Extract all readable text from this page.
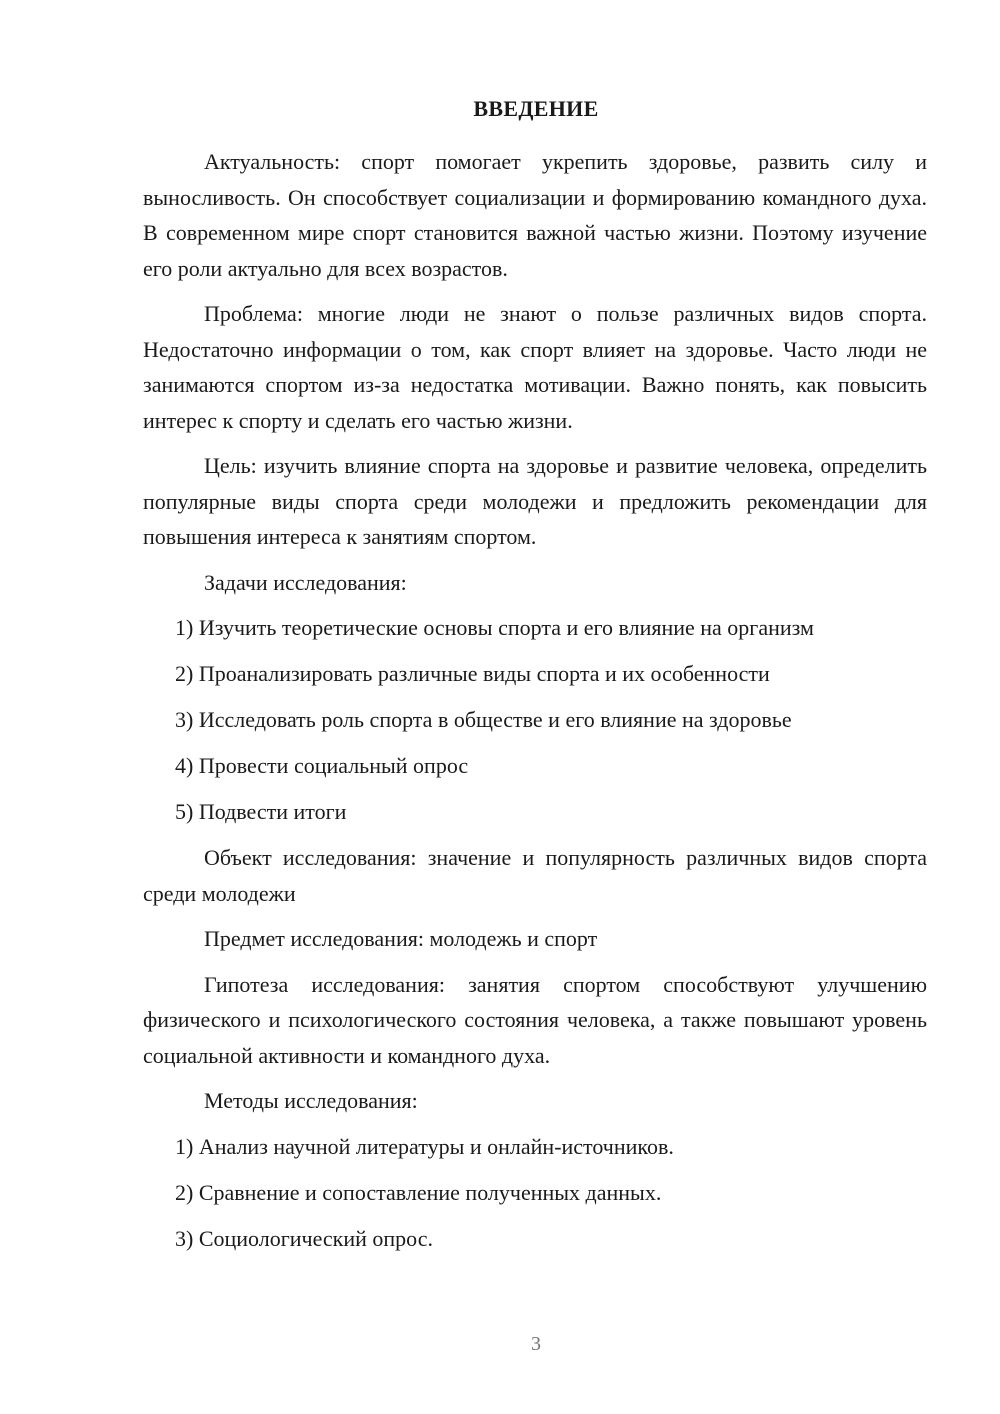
ВВЕДЕНИЕ

Актуальность: спорт помогает укрепить здоровье, развить силу и выносливость. Он способствует социализации и формированию командного духа. В современном мире спорт становится важной частью жизни. Поэтому изучение его роли актуально для всех возрастов.

Проблема: многие люди не знают о пользе различных видов спорта. Недостаточно информации о том, как спорт влияет на здоровье. Часто люди не занимаются спортом из-за недостатка мотивации. Важно понять, как повысить интерес к спорту и сделать его частью жизни.

Цель: изучить влияние спорта на здоровье и развитие человека, определить популярные виды спорта среди молодежи и предложить рекомендации для повышения интереса к занятиям спортом.

Задачи исследования:

1) Изучить теоретические основы спорта и его влияние на организм

2) Проанализировать различные виды спорта и их особенности

3) Исследовать роль спорта в обществе и его влияние на здоровье

4) Провести социальный опрос

5) Подвести итоги

Объект исследования: значение и популярность различных видов спорта среди молодежи

Предмет исследования: молодежь и спорт

Гипотеза исследования: занятия спортом способствуют улучшению физического и психологического состояния человека, а также повышают уровень социальной активности и командного духа.

Методы исследования:

1) Анализ научной литературы и онлайн-источников.

2) Сравнение и сопоставление полученных данных.

3) Социологический опрос.

3
